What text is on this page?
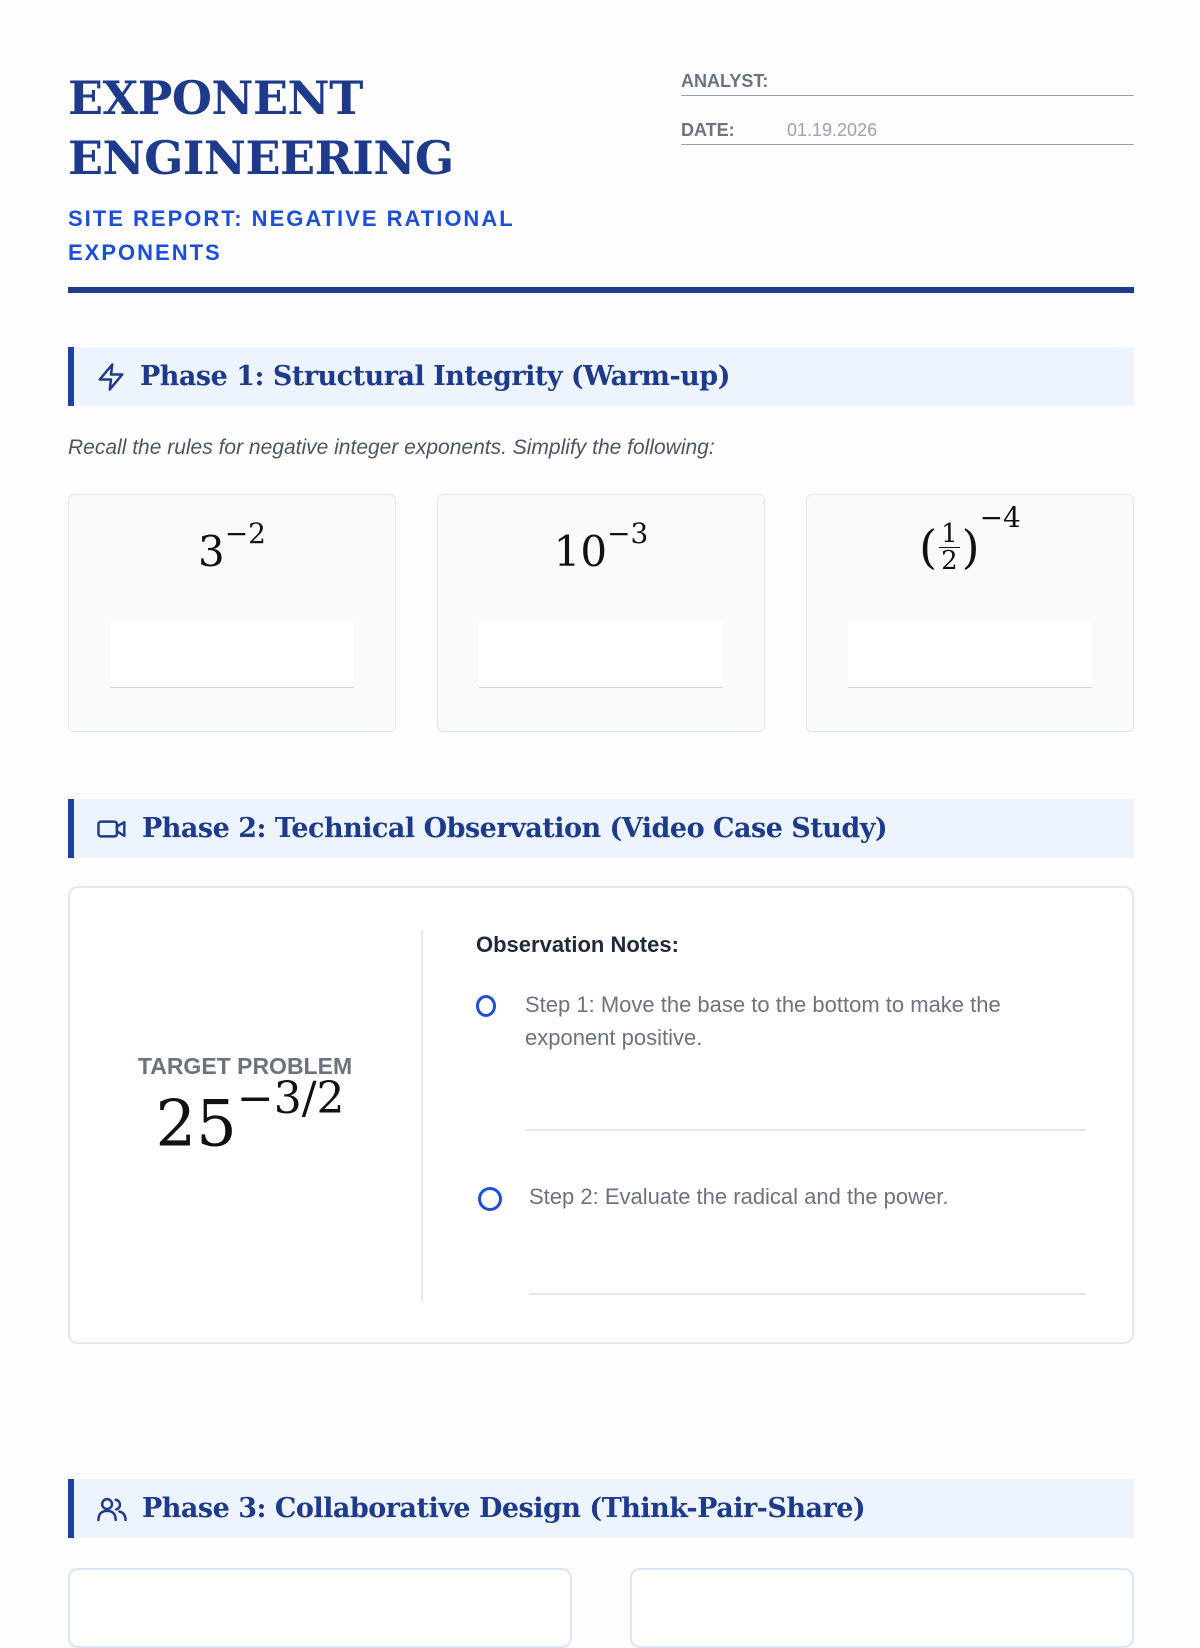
EXPONENT
ENGINEERING
SITE REPORT: NEGATIVE RATIONAL EXPONENTS
ANALYST:
DATE:	01.19.2026
Phase 1: Structural Integrity (Warm-up)
Recall the rules for negative integer exponents. Simplify the following:
$3^{-2}$	$10^{-3}$	( $\frac{1}{2} )^{-4}$
Phase 2: Technical Observation (Video Case Study)
TARGET PROBLEM
$25^{-3/2}$
Observation Notes:
Step 1: Move the base to the bottom to make the exponent positive.
Step 2: Evaluate the radical and the power.
Phase 3: Collaborative Design (Think-Pair-Share)
